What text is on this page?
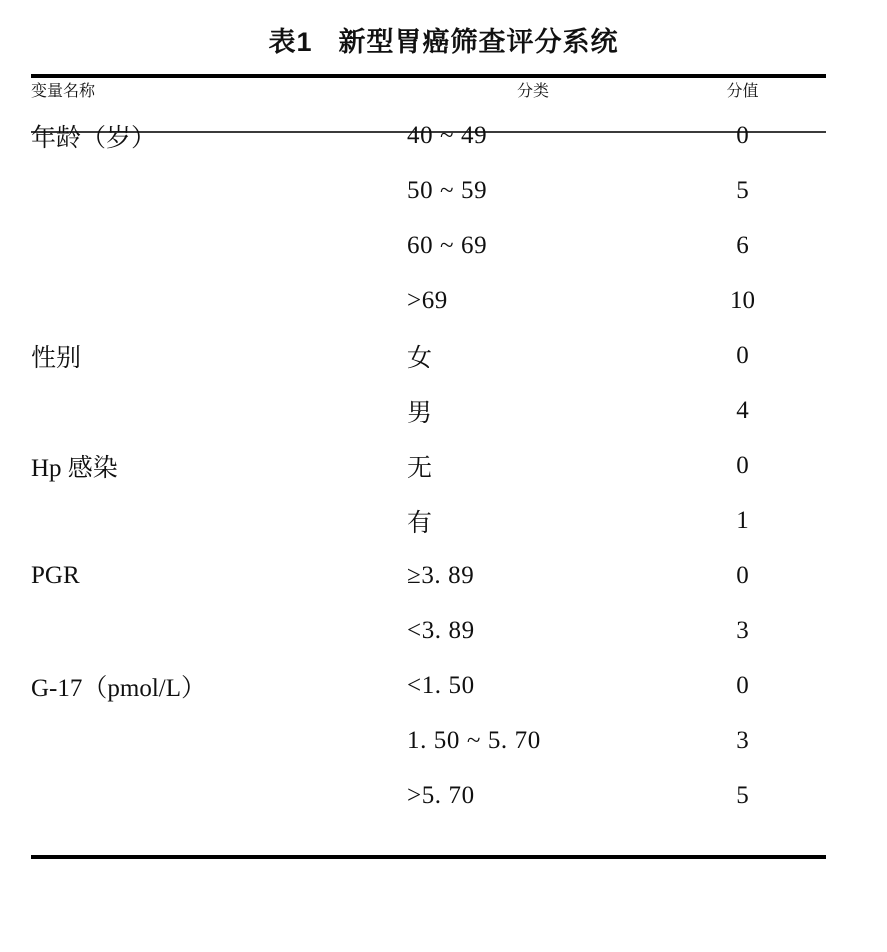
表1 新型胃癌筛查评分系统
变量名称	分类	分值
年龄（岁）	40 ~ 49	0
	50 ~ 59	5
	60 ~ 69	6
	>69	10
性别	女	0
	男	4
Hp 感染	无	0
	有	1
PGR	≥3. 89	0
	<3. 89	3
G-17（pmol/L）	<1. 50	0
	1. 50 ~ 5. 70	3
	>5. 70	5
